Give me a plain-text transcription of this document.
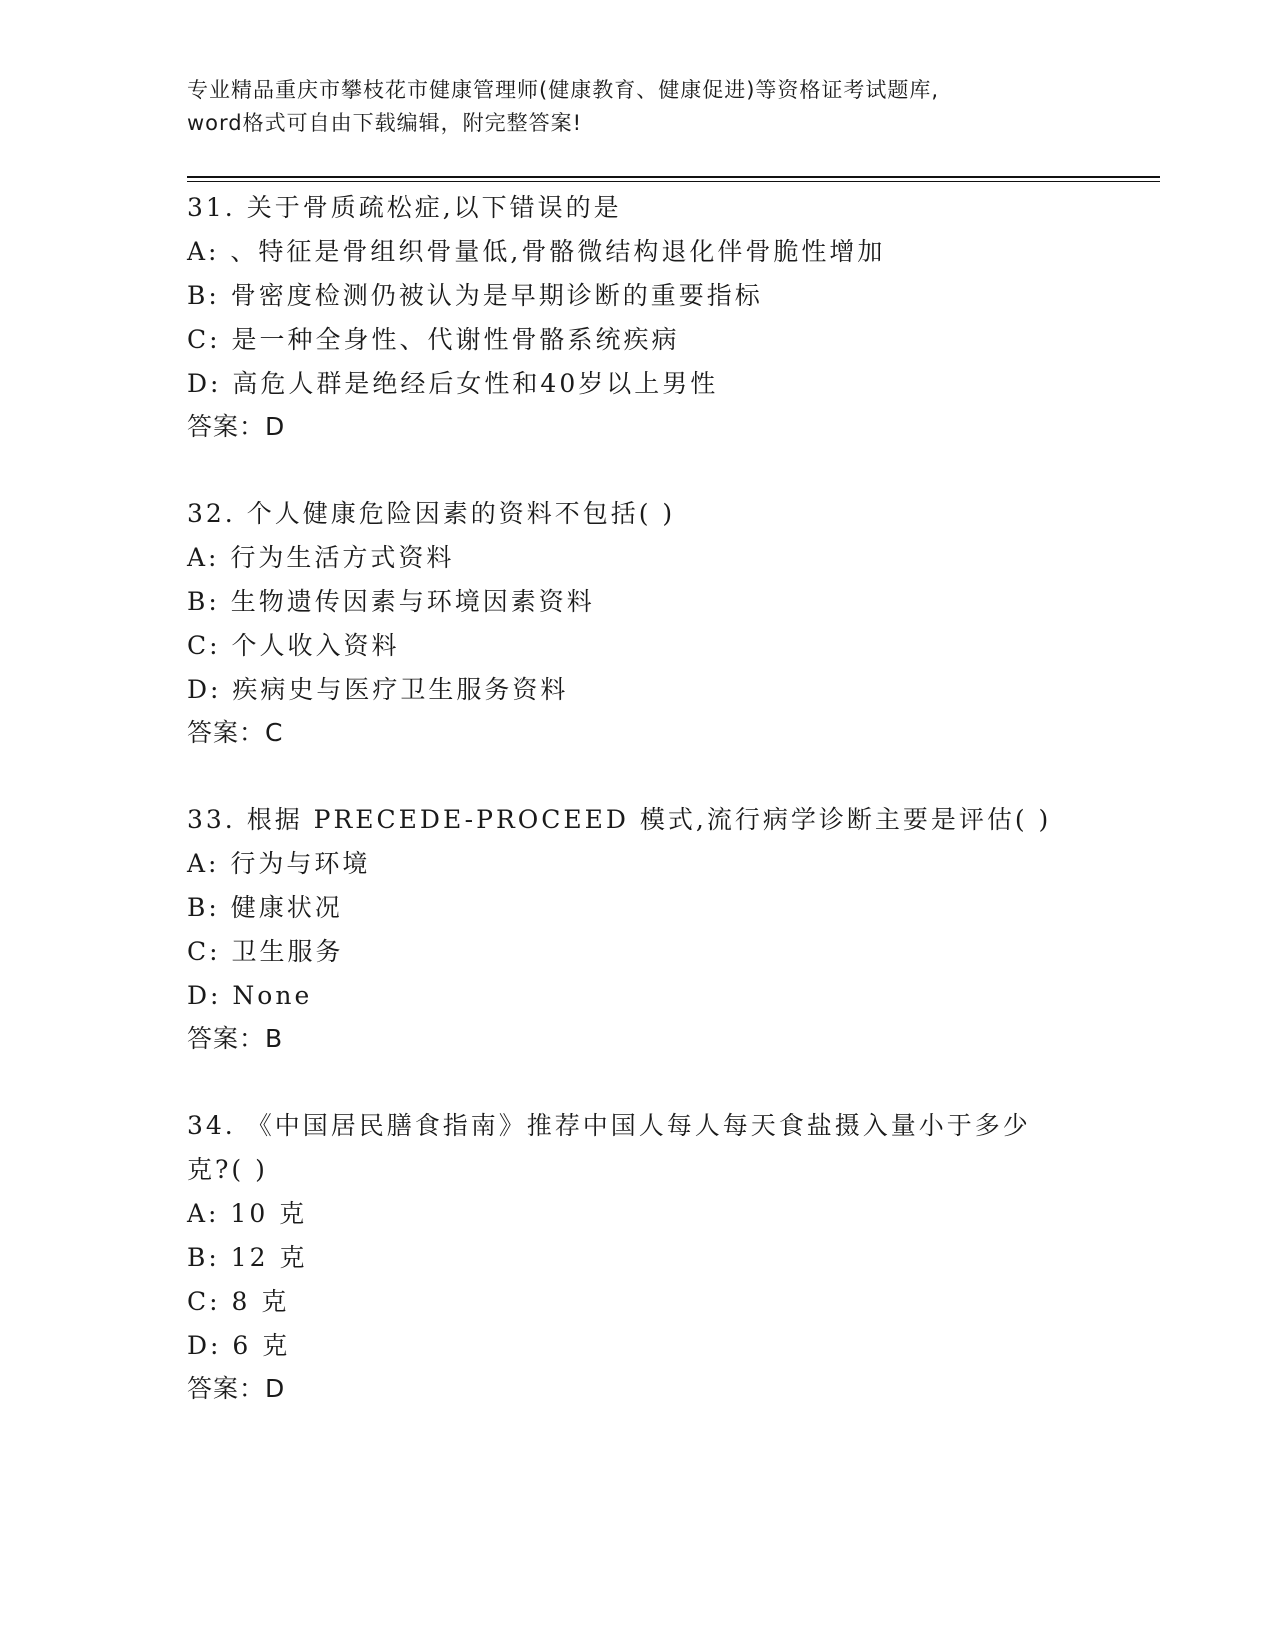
专业精品重庆市攀枝花市健康管理师(健康教育、健康促进)等资格证考试题库,
word格式可自由下载编辑，附完整答案!
31. 关于骨质疏松症,以下错误的是
A: 、特征是骨组织骨量低,骨骼微结构退化伴骨脆性增加
B: 骨密度检测仍被认为是早期诊断的重要指标
C: 是一种全身性、代谢性骨骼系统疾病
D: 高危人群是绝经后女性和40岁以上男性
答案：D
32. 个人健康危险因素的资料不包括( )
A: 行为生活方式资料
B: 生物遗传因素与环境因素资料
C: 个人收入资料
D: 疾病史与医疗卫生服务资料
答案：C
33. 根据 PRECEDE-PROCEED 模式,流行病学诊断主要是评估( )
A: 行为与环境
B: 健康状况
C: 卫生服务
D: None
答案：B
34. 《中国居民膳食指南》推荐中国人每人每天食盐摄入量小于多少
克?( )
A: 10 克
B: 12 克
C: 8 克
D: 6 克
答案：D
